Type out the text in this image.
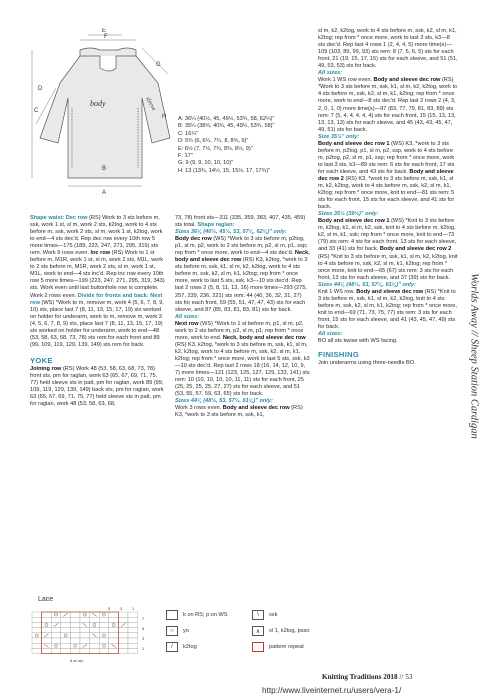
E
F
D
G
C
A
B
H
body	sleeve
A: 36¼ (40½, 45, 49½, 53¾, 58, 62¼)"
B: 35¼ (38¾, 40¾, 45, 49¼, 53¾, 58)"
C: 16¼"
D: 5¾ (6, 6¼, 7¼, 8, 8¾, 9)"
E: 6½ (7, 7½, 7¾, 8¾, 8½, 9)"
F: 17"
G: 9 (9, 9, 10, 10, 10)"
H: 13 (13¾, 14½, 15, 15½, 17, 17¾)"

Shape waist: Dec row (RS) Work to 3 sts before m, ssk, work 1 st, sl m, work 2 sts, k2tog, work to 4 sts before m, ssk, work 2 sts, sl m, work 1 st, k2tog, work to end—4 sts dec'd. Rep dec row every 10th row 5 more times—175 (189, 223, 247, 271, 295, 319) sts rem. Work 9 rows even. Inc row (RS) Work to 1 st before m, M1R, work 1 st, sl m, work 2 sts, M1L, work to 2 sts before m, M1R, work 2 sts, sl m, work 1 st, M1L, work to end—4 sts inc'd. Rep inc row every 10th row 5 more times—199 (223, 247, 271, 295, 319, 343) sts. Work even until last buttonhole row is complete. Work 2 rows even. Divide for fronts and back: Next row (WS) *Work to m, remove m, work 4 (5, 6, 7, 8, 9, 10) sts, place last 7 (8, 11, 13, 15, 17, 19) sts worked on holder for underarm, work to m, remove m, work 3 (4, 5, 6, 7, 8, 9) sts, place last 7 (8, 11, 13, 15, 17, 19) sts worked on holder for underarm, work to end—48 (53, 58, 63, 68, 73, 78) sts rem for each front and 89 (99, 109, 119, 129, 139, 149) sts rem for back.

YOKE

Joining row (RS) Work 48 (53, 58, 63, 68, 73, 78) front sts, pm for raglan, work 63 (65, 67, 69, 71, 75, 77) held sleeve sts in patt, pm for raglan, work 89 (99, 109, 119, 129, 139, 149) back sts, pm for raglan, work 63 (65, 67, 69, 71, 75, 77) held sleeve sts in patt, pm for raglan, work 48 (53, 58, 63, 68,

73, 78) front sts—311 (335, 359, 383, 407, 435, 459) sts total. Shape raglan:

Sizes 36¼ (40½, 45½, 53, 57¼, 62¼)" only:

Body dec row (WS) *Work to 3 sts before m, p2tog, p1, sl m, p2, work to 2 sts before m, p2, sl m, p1, ssp; rep from * once more, work to end—4 sts dec'd. Neck, body and sleeve dec row (RS) K3, k2tog, *work to 3 sts before m, ssk, k1, sl m, k2, k2tog, work to 4 sts before m, ssk, k2, sl m, k1, k2tog; rep from * once more, work to last 5 sts, ssk, k3—10 sts dec'd. Rep last 2 rows 2 (5, 8, 11, 13, 16) more times—293 (275, 257, 239, 236, 221) sts rem: 44 (40, 36, 32, 31, 27) sts for each front, 59 (55, 51, 47, 47, 43) sts for each sleeve, and 87 (85, 83, 81, 83, 81) sts for back.

All sizes:

Next row (WS) *Work to 1 st before m, p1, sl m, p2, work to 2 sts before m, p2, sl m, p1; rep from * once more, work to end. Neck, body and sleeve dec row (RS) K3, k2tog, *work to 3 sts before m, ssk, k1, sl m, k2, k2tog, work to 4 sts before m, ssk, k2, sl m, k1, k2tog; rep from * once more, work to last 5 sts, ssk, k3—10 sts dec'd. Rep last 2 rows 18 (16, 14, 12, 10, 9, 7) more times—121 (123, 125, 127, 129, 133, 141) sts rem: 10 (10, 10, 10, 10, 11, 11) sts for each front, 25 (25, 25, 25, 25, 27, 27) sts for each sleeve, and 51 (53, 55, 57, 59, 63, 65) sts for back.

Sizes 44¼ (48½, 53, 57½, 61¼)" only:

Work 3 rows even. Body and sleeve dec row (RS) K3, *work to 3 sts before m, ssk, k1,

sl m, k2, k2tog, work to 4 sts before m, ssk, k2, sl m, k1, k2tog; rep from * once more, work to last 3 sts, k3—8 sts dec'd. Rep last 4 rows 1 (2, 4, 4, 5) more time(s)—109 (103, 89, 99, 93) sts rem: 8 (7, 5, 6, 5) sts for each front, 21 (19, 15, 17, 15) sts for each sleeve, and 51 (51, 49, 53, 53) sts for back.

All sizes:

Work 1 WS row even. Body and sleeve dec row (RS) *Work to 3 sts before m, ssk, k1, sl m, k2, k2tog, work to 4 sts before m, ssk, k2, sl m, k1, k2tog; rep from * once more, work to end—8 sts dec'd. Rep last 2 rows 2 (4, 3, 2, 0, 1, 0) more time(s)—97 (83, 77, 79, 81, 83, 89) sts rem: 7 (5, 4, 4, 4, 4, 4) sts for each front, 15 (15, 13, 13, 13, 13, 13) sts for each sleeve, and 45 (43, 43, 45, 47, 49, 51) sts for back.

Size 35½" only:

Body and sleeve dec row 1 (WS) K3, *work to 3 sts before m, p2tog, p1, sl m, p2, ssp, work to 4 sts before m, p2tog, p2, sl m, p1, ssp; rep from * once more, work to last 3 sts, k3—89 sts rem: 6 sts for each front, 17 sts for each sleeve, and 43 sts for back. Body and sleeve dec row 2 (RS) K3, *work to 3 sts before m, ssk, k1, sl m, k2, k2tog, work to 4 sts before m, ssk, k2, sl m, k1, k2tog; rep from * once more, knit to end—81 sts rem: 5 sts for each front, 15 sts for each sleeve, and 41 sts for back.

Sizes 35½ (39½)" only:

Body and sleeve dec row 1 (WS) *Knit to 3 sts before m, k2tog, k1, sl m, k2, ssk, knit to 4 sts before m, k2tog, k2, sl m, k1, ssk; rep from * once more, knit to end—73 (79) sts rem: 4 sts for each front, 13 sts for each sleeve, and 33 (41) sts for back. Body and sleeve dec row 2 (RS) *Knit to 3 sts before m, ssk, k1, sl m, k2, k2tog, knit to 4 sts before m, ssk, k2, sl m, k1, k2tog; rep from * once more, knit to end—65 (67) sts rem: 3 sts for each front, 13 sts for each sleeve, and 37 (39) sts for back.

Sizes 44¼ (48½, 53, 57¼, 61¼)" only:

Knit 1 WS row. Body and sleeve dec row (RS) *Knit to 3 sts before m, ssk, k1, sl m, k2, k2tog, knit to 4 sts before m, ssk, k2, sl m, k1, k2tog; rep from * once more, knit to end—69 (71, 73, 75, 77) sts rem: 3 sts for each front, 15 sts for each sleeve, and 41 (43, 45, 47, 49) sts for back.

All sizes:

BO all sts kwise with WS facing.

FINISHING

Join underarms using three-needle BO.	Worlds Away // Sheep Station Cardigan
Lace
5 3 1
7
5
3
1
8-st rep
k on RS; p on WS
○	yo
/	k2tog
\	ssk
∧	sl 1, k2tog, psso
pattern repeat
Knitting Traditions 2018 // 53
http://www.liveinternet.ru/users/vera-1/
